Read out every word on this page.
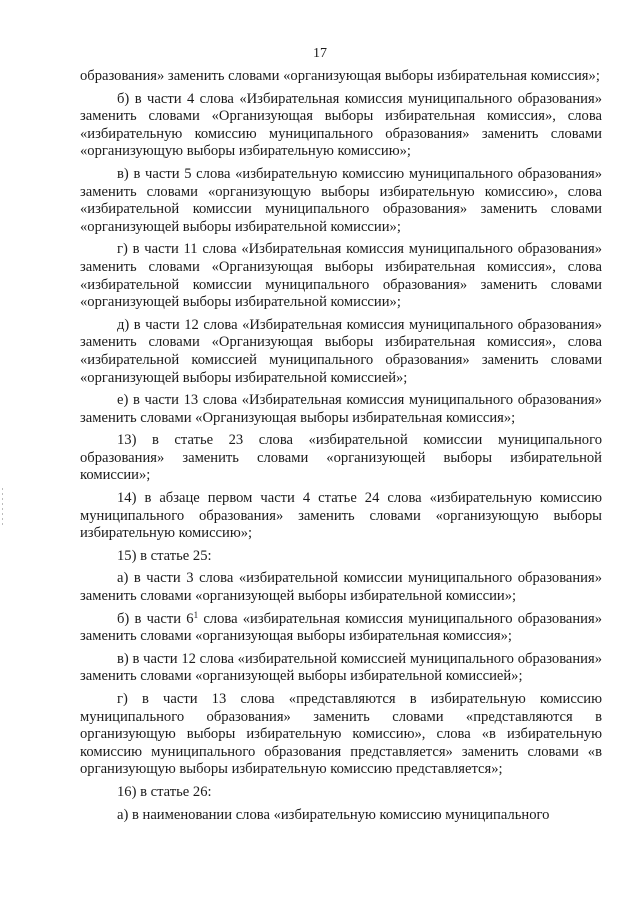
17

образования» заменить словами «организующая выборы избирательная комиссия»;

б) в части 4 слова «Избирательная комиссия муниципального образования» заменить словами «Организующая выборы избирательная комиссия», слова «избирательную комиссию муниципального образования» заменить словами «организующую выборы избирательную комиссию»;

в) в части 5 слова «избирательную комиссию муниципального образования» заменить словами «организующую выборы избирательную комиссию», слова «избирательной комиссии муниципального образования» заменить словами «организующей выборы избирательной комиссии»;

г) в части 11 слова «Избирательная комиссия муниципального образования» заменить словами «Организующая выборы избирательная комиссия», слова «избирательной комиссии муниципального образования» заменить словами «организующей выборы избирательной комиссии»;

д) в части 12 слова «Избирательная комиссия муниципального образования» заменить словами «Организующая выборы избирательная комиссия», слова «избирательной комиссией муниципального образования» заменить словами «организующей выборы избирательной комиссией»;

е) в части 13 слова «Избирательная комиссия муниципального образования» заменить словами «Организующая выборы избирательная комиссия»;

13) в статье 23 слова «избирательной комиссии муниципального образования» заменить словами «организующей выборы избирательной комиссии»;

14) в абзаце первом части 4 статье 24 слова «избирательную комиссию муниципального образования» заменить словами «организующую выборы избирательную комиссию»;

15) в статье 25:

а) в части 3 слова «избирательной комиссии муниципального образования» заменить словами «организующей выборы избирательной комиссии»;

б) в части $6^1$ слова «избирательная комиссия муниципального образования» заменить словами «организующая выборы избирательная комиссия»;

в) в части 12 слова «избирательной комиссией муниципального образования» заменить словами «организующей выборы избирательной комиссией»;

г) в части 13 слова «представляются в избирательную комиссию муниципального образования» заменить словами «представляются в организующую выборы избирательную комиссию», слова «в избирательную комиссию муниципального образования представляется» заменить словами «в организующую выборы избирательную комиссию представляется»;

16) в статье 26:

а) в наименовании слова «избирательную комиссию муниципального
